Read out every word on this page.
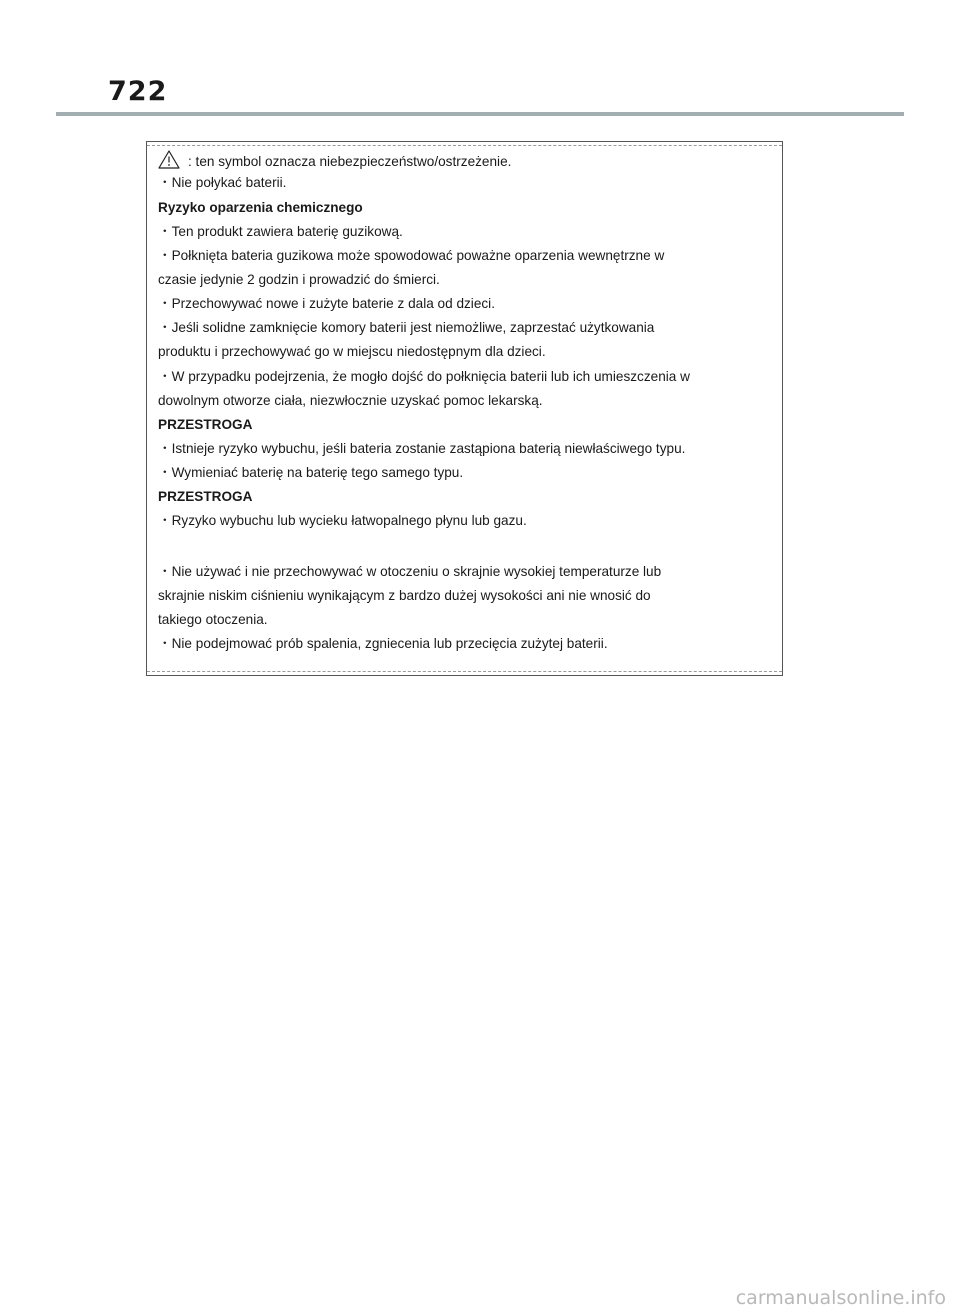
722
: ten symbol oznacza niebezpieczeństwo/ostrzeżenie.
・Nie połykać baterii.
Ryzyko oparzenia chemicznego
・Ten produkt zawiera baterię guzikową.
・Połknięta bateria guzikowa może spowodować poważne oparzenia wewnętrzne w
czasie jedynie 2 godzin i prowadzić do śmierci.
・Przechowywać nowe i zużyte baterie z dala od dzieci.
・Jeśli solidne zamknięcie komory baterii jest niemożliwe, zaprzestać użytkowania
produktu i przechowywać go w miejscu niedostępnym dla dzieci.
・W przypadku podejrzenia, że mogło dojść do połknięcia baterii lub ich umieszczenia w
dowolnym otworze ciała, niezwłocznie uzyskać pomoc lekarską.
PRZESTROGA
・Istnieje ryzyko wybuchu, jeśli bateria zostanie zastąpiona baterią niewłaściwego typu.
・Wymieniać baterię na baterię tego samego typu.
PRZESTROGA
・Ryzyko wybuchu lub wycieku łatwopalnego płynu lub gazu.
・Nie używać i nie przechowywać w otoczeniu o skrajnie wysokiej temperaturze lub
skrajnie niskim ciśnieniu wynikającym z bardzo dużej wysokości ani nie wnosić do
takiego otoczenia.
・Nie podejmować prób spalenia, zgniecenia lub przecięcia zużytej baterii.
carmanualsonline.info
